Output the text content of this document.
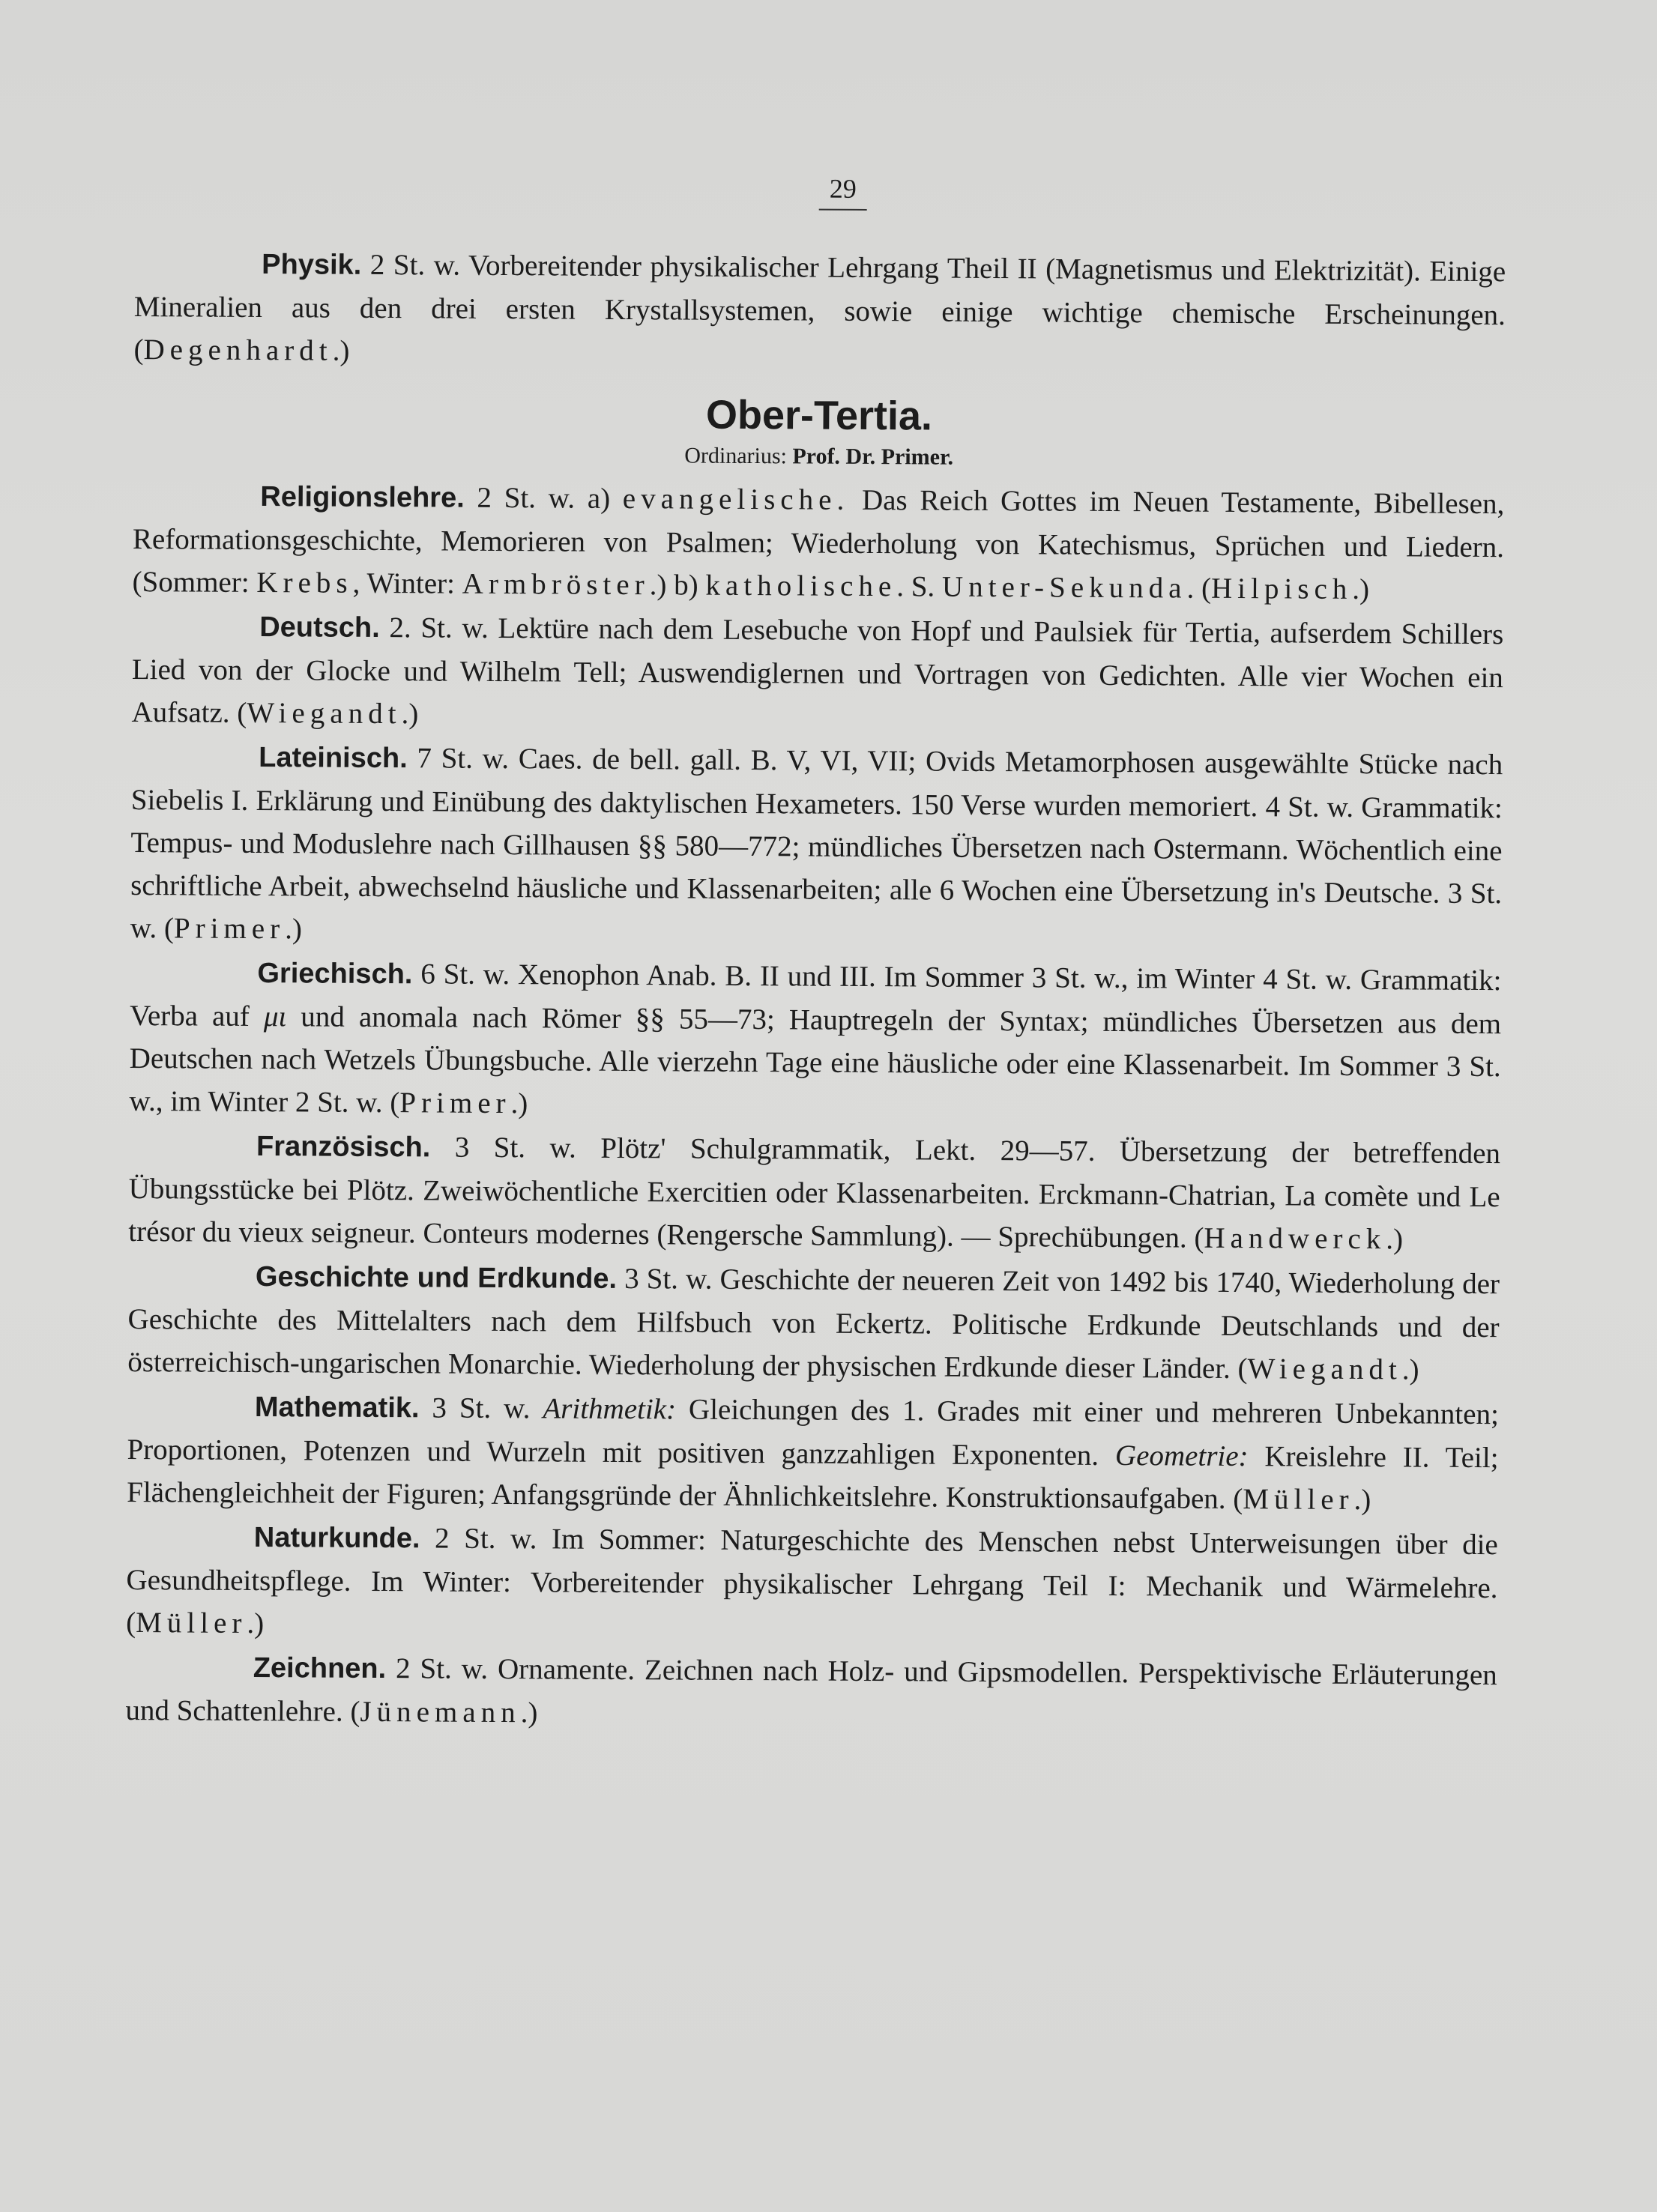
29

Physik. 2 St. w. Vorbereitender physikalischer Lehrgang Theil II (Magnetismus und Elektrizität). Einige Mineralien aus den drei ersten Krystallsystemen, sowie einige wichtige chemische Erscheinungen. (Degenhardt.)

Ober-Tertia.
Ordinarius: Prof. Dr. Primer.

Religionslehre. 2 St. w. a) evangelische. Das Reich Gottes im Neuen Testamente, Bibellesen, Reformationsgeschichte, Memorieren von Psalmen; Wiederholung von Katechismus, Sprüchen und Liedern. (Sommer: Krebs, Winter: Armbröster.) b) katholische. S. Unter-Sekunda. (Hilpisch.)

Deutsch. 2. St. w. Lektüre nach dem Lesebuche von Hopf und Paulsiek für Tertia, aufserdem Schillers Lied von der Glocke und Wilhelm Tell; Auswendiglernen und Vortragen von Gedichten. Alle vier Wochen ein Aufsatz. (Wiegandt.)

Lateinisch. 7 St. w. Caes. de bell. gall. B. V, VI, VII; Ovids Metamorphosen ausgewählte Stücke nach Siebelis I. Erklärung und Einübung des daktylischen Hexameters. 150 Verse wurden memoriert. 4 St. w. Grammatik: Tempus- und Moduslehre nach Gillhausen §§ 580—772; mündliches Übersetzen nach Ostermann. Wöchentlich eine schriftliche Arbeit, abwechselnd häusliche und Klassenarbeiten; alle 6 Wochen eine Übersetzung in's Deutsche. 3 St. w. (Primer.)

Griechisch. 6 St. w. Xenophon Anab. B. II und III. Im Sommer 3 St. w., im Winter 4 St. w. Grammatik: Verba auf μι und anomala nach Römer §§ 55—73; Hauptregeln der Syntax; mündliches Übersetzen aus dem Deutschen nach Wetzels Übungsbuche. Alle vierzehn Tage eine häusliche oder eine Klassenarbeit. Im Sommer 3 St. w., im Winter 2 St. w. (Primer.)

Französisch. 3 St. w. Plötz' Schulgrammatik, Lekt. 29—57. Übersetzung der betreffenden Übungsstücke bei Plötz. Zweiwöchentliche Exercitien oder Klassenarbeiten. Erckmann-Chatrian, La comète und Le trésor du vieux seigneur. Conteurs modernes (Rengersche Sammlung). — Sprechübungen. (Handwerck.)

Geschichte und Erdkunde. 3 St. w. Geschichte der neueren Zeit von 1492 bis 1740, Wiederholung der Geschichte des Mittelalters nach dem Hilfsbuch von Eckertz. Politische Erdkunde Deutschlands und der österreichisch-ungarischen Monarchie. Wiederholung der physischen Erdkunde dieser Länder. (Wiegandt.)

Mathematik. 3 St. w. Arithmetik: Gleichungen des 1. Grades mit einer und mehreren Unbekannten; Proportionen, Potenzen und Wurzeln mit positiven ganzzahligen Exponenten. Geometrie: Kreislehre II. Teil; Flächengleichheit der Figuren; Anfangsgründe der Ähnlichkeitslehre. Konstruktionsaufgaben. (Müller.)

Naturkunde. 2 St. w. Im Sommer: Naturgeschichte des Menschen nebst Unterweisungen über die Gesundheitspflege. Im Winter: Vorbereitender physikalischer Lehrgang Teil I: Mechanik und Wärmelehre. (Müller.)

Zeichnen. 2 St. w. Ornamente. Zeichnen nach Holz- und Gipsmodellen. Perspektivische Erläuterungen und Schattenlehre. (Jünemann.)
